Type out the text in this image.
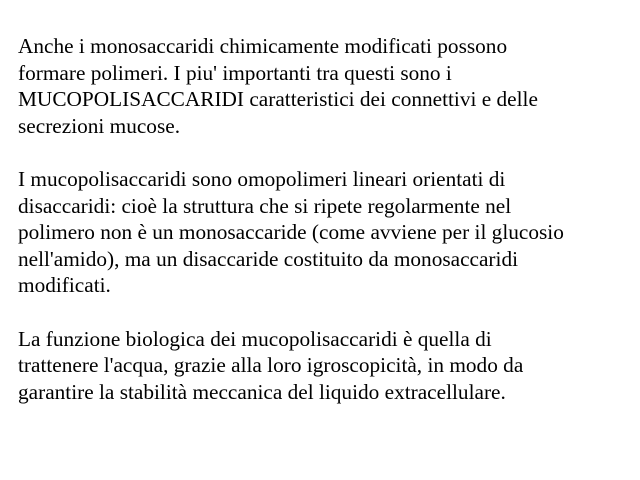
Anche i monosaccaridi chimicamente modificati possono
formare polimeri. I piu' importanti tra questi sono i
MUCOPOLISACCARIDI caratteristici dei connettivi e delle
secrezioni mucose.

I mucopolisaccaridi sono omopolimeri lineari orientati di
disaccaridi: cioè la struttura che si ripete regolarmente nel
polimero non è un monosaccaride (come avviene per il glucosio
nell'amido), ma un disaccaride costituito da monosaccaridi
modificati.

La funzione biologica dei mucopolisaccaridi è quella di
trattenere l'acqua, grazie alla loro igroscopicità, in modo da
garantire la stabilità meccanica del liquido extracellulare.
